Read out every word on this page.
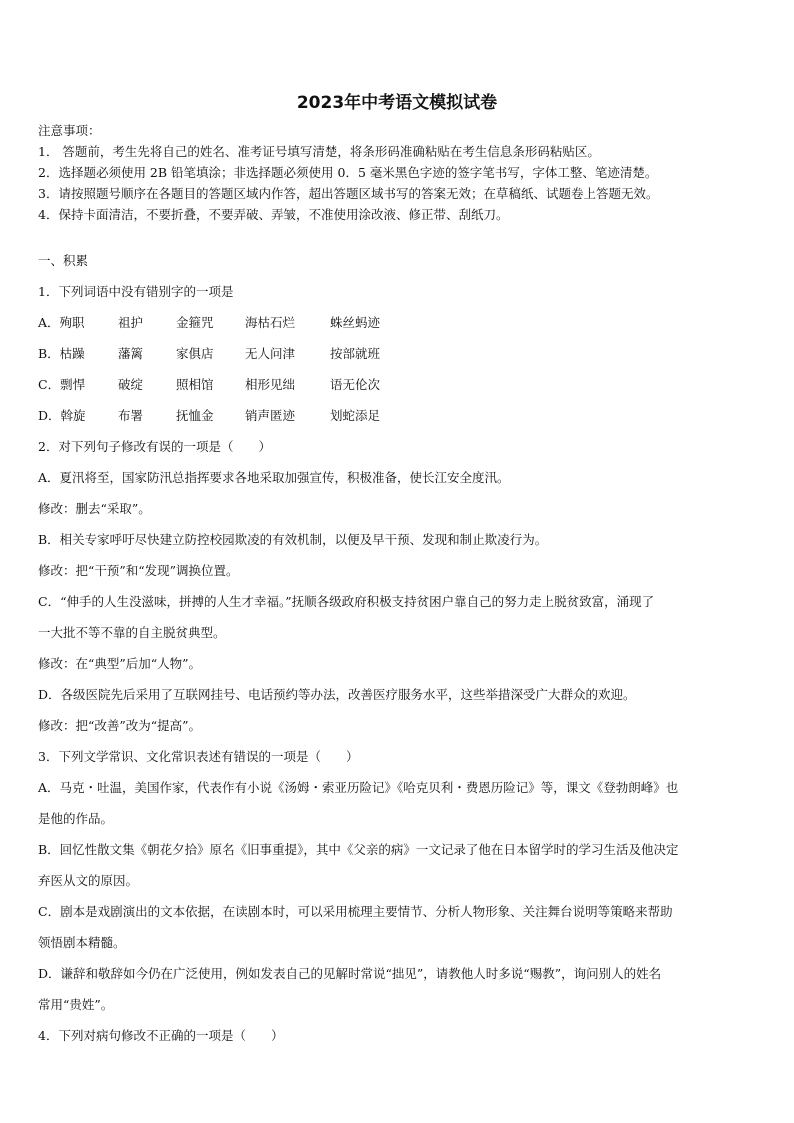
2023年中考语文模拟试卷
注意事项：
1． 答题前，考生先将自己的姓名、准考证号填写清楚，将条形码准确粘贴在考生信息条形码粘贴区。
2．选择题必须使用 2B 铅笔填涂；非选择题必须使用 0．5 毫米黑色字迹的签字笔书写，字体工整、笔迹清楚。
3．请按照题号顺序在各题目的答题区域内作答，超出答题区域书写的答案无效；在草稿纸、试题卷上答题无效。
4．保持卡面清洁，不要折叠，不要弄破、弄皱，不准使用涂改液、修正带、刮纸刀。
一、积累
1．下列词语中没有错别字的一项是
A．殉职	祖护	金箍咒	海枯石烂	蛛丝蚂迹
B．枯躁	藩篱	家俱店	无人问津	按部就班
C．剽悍	破绽	照相馆	相形见绌	语无伦次
D．斡旋	布署	抚恤金	销声匿迹	划蛇添足
2．对下列句子修改有误的一项是（　　）
A．夏汛将至，国家防汛总指挥要求各地采取加强宣传，积极准备，使长江安全度汛。
修改：删去“采取”。
B．相关专家呼吁尽快建立防控校园欺凌的有效机制，以便及早干预、发现和制止欺凌行为。
修改：把“干预”和“发现”调换位置。
C．“伸手的人生没滋味，拼搏的人生才幸福。”抚顺各级政府积极支持贫困户靠自己的努力走上脱贫致富，涌现了
一大批不等不靠的自主脱贫典型。
修改：在“典型”后加“人物”。
D．各级医院先后采用了互联网挂号、电话预约等办法，改善医疗服务水平，这些举措深受广大群众的欢迎。
修改：把“改善”改为“提高”。
3．下列文学常识、文化常识表述有错误的一项是（　　）
A．马克・吐温，美国作家，代表作有小说《汤姆・索亚历险记》《哈克贝利・费恩历险记》等，课文《登勃朗峰》也
是他的作品。
B．回忆性散文集《朝花夕拾》原名《旧事重提》，其中《父亲的病》一文记录了他在日本留学时的学习生活及他决定
弃医从文的原因。
C．剧本是戏剧演出的文本依据，在读剧本时，可以采用梳理主要情节、分析人物形象、关注舞台说明等策略来帮助
领悟剧本精髓。
D．谦辞和敬辞如今仍在广泛使用，例如发表自己的见解时常说“拙见”，请教他人时多说“赐教”，询问别人的姓名
常用“贵姓”。
4．下列对病句修改不正确的一项是（　　）
